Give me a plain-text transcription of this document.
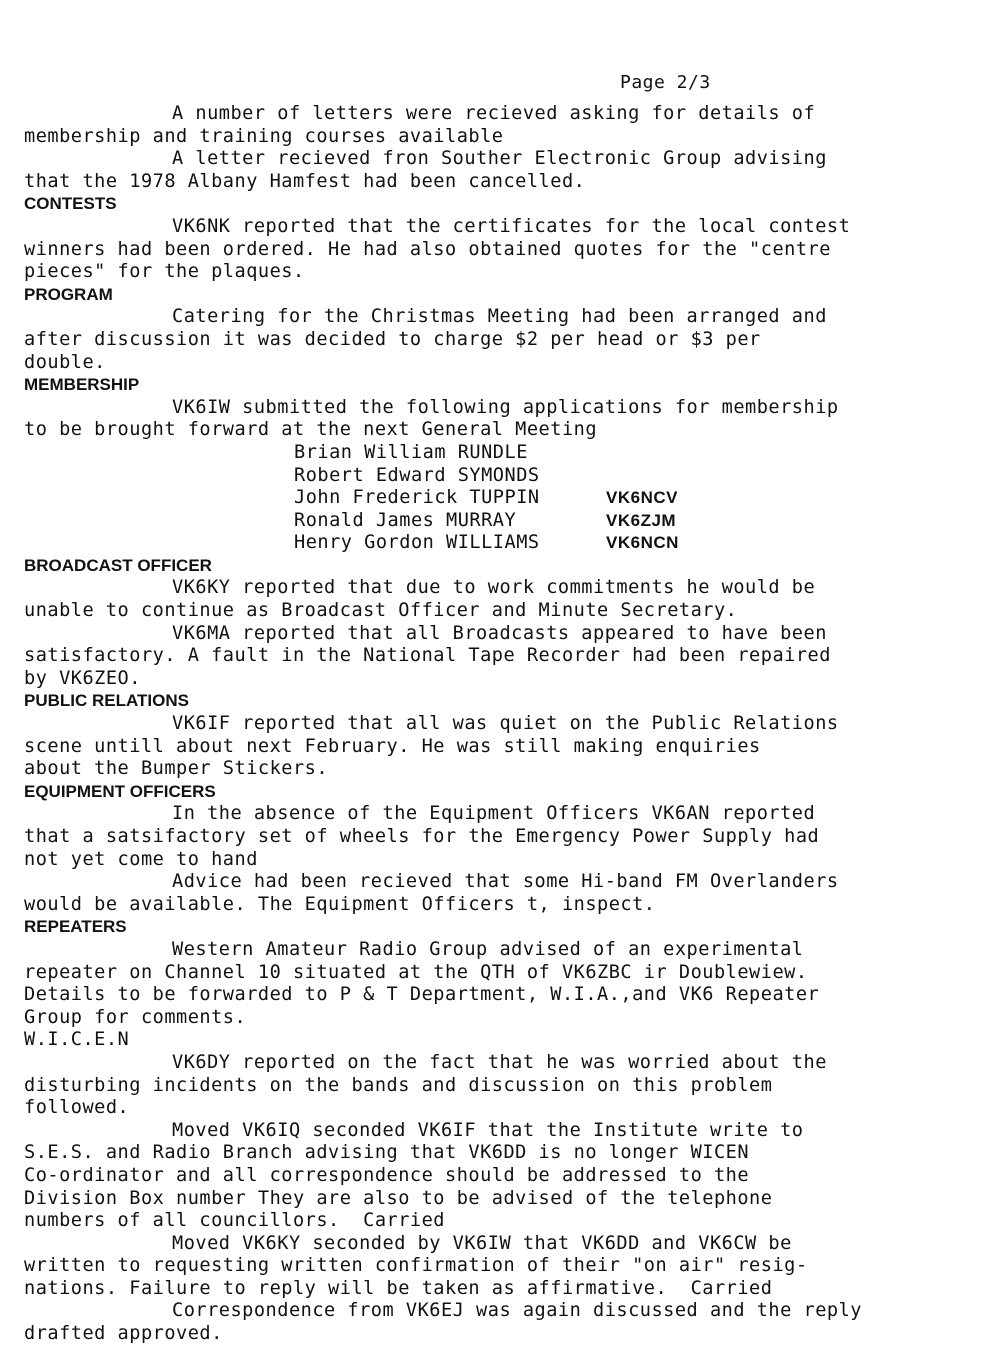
Page 2/3
A number of letters were recieved asking for details of
membership and training courses available
A letter recieved fron Souther Electronic Group advising
that the 1978 Albany Hamfest had been cancelled.
CONTESTS
VK6NK reported that the certificates for the local contest
winners had been ordered. He had also obtained quotes for the "centre
pieces" for the plaques.
PROGRAM
Catering for the Christmas Meeting had been arranged and
after discussion it was decided to charge $2 per head or $3 per
double.
MEMBERSHIP
VK6IW submitted the following applications for membership
to be brought forward at the next General Meeting
Brian William RUNDLE
Robert Edward SYMONDS
John Frederick TUPPIN	VK6NCV
Ronald James MURRAY	VK6ZJM
Henry Gordon WILLIAMS	VK6NCN
BROADCAST OFFICER
VK6KY reported that due to work commitments he would be
unable to continue as Broadcast Officer and Minute Secretary.
VK6MA reported that all Broadcasts appeared to have been
satisfactory. A fault in the National Tape Recorder had been repaired
by VK6ZEO.
PUBLIC RELATIONS
VK6IF reported that all was quiet on the Public Relations
scene untill about next February. He was still making enquiries
about the Bumper Stickers.
EQUIPMENT OFFICERS
In the absence of the Equipment Officers VK6AN reported
that a satsifactory set of wheels for the Emergency Power Supply had
not yet come to hand
Advice had been recieved that some Hi-band FM Overlanders
would be available. The Equipment Officers t, inspect.
REPEATERS
Western Amateur Radio Group advised of an experimental
repeater on Channel 10 situated at the QTH of VK6ZBC ir Doublewiew.
Details to be forwarded to P & T Department, W.I.A.,and VK6 Repeater
Group for comments.
W.I.C.E.N
VK6DY reported on the fact that he was worried about the
disturbing incidents on the bands and discussion on this problem
followed.
Moved VK6IQ seconded VK6IF that the Institute write to
S.E.S. and Radio Branch advising that VK6DD is no longer WICEN
Co-ordinator and all correspondence should be addressed to the
Division Box number They are also to be advised of the telephone
numbers of all councillors.  Carried
Moved VK6KY seconded by VK6IW that VK6DD and VK6CW be
written to requesting written confirmation of their "on air" resig-
nations. Failure to reply will be taken as affirmative.  Carried
Correspondence from VK6EJ was again discussed and the reply
drafted approved.
